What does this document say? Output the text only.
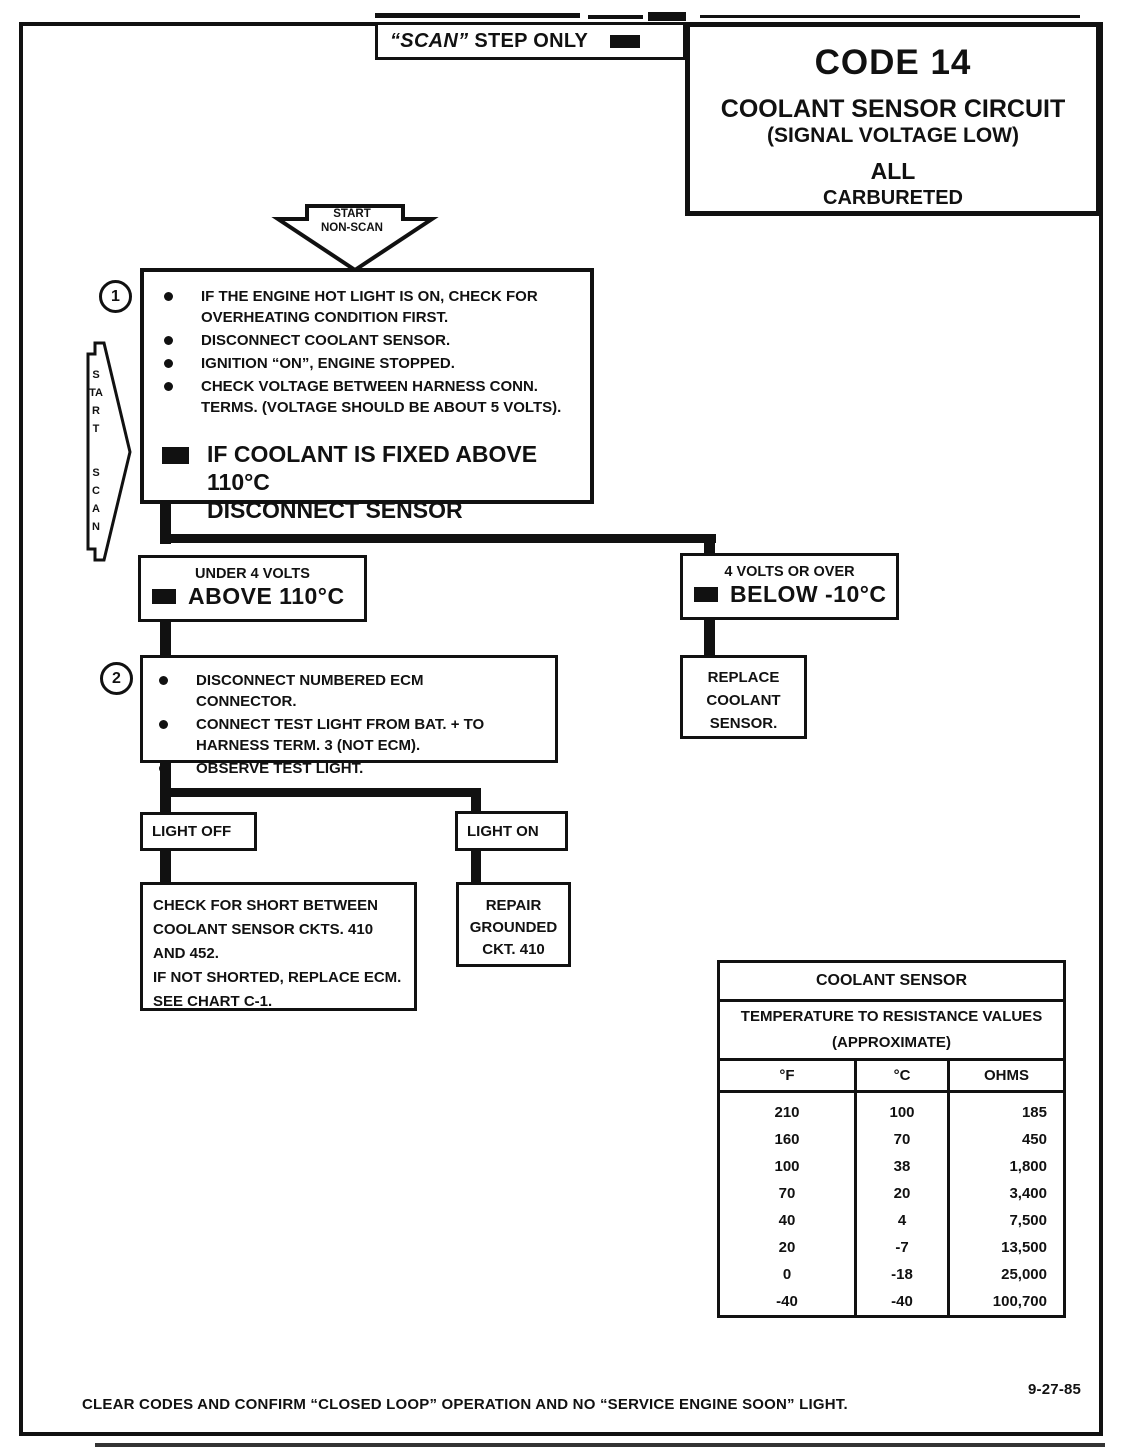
“SCAN” STEP ONLY
CODE 14
COOLANT SENSOR CIRCUIT
(SIGNAL VOLTAGE LOW)
ALL
CARBURETED
START
NON-SCAN
START
SCAN
1	IF THE ENGINE HOT LIGHT IS ON, CHECK FOR OVERHEATING CONDITION FIRST.
DISCONNECT COOLANT SENSOR.
IGNITION “ON”, ENGINE STOPPED.
CHECK VOLTAGE BETWEEN HARNESS CONN. TERMS. (VOLTAGE SHOULD BE ABOUT 5 VOLTS).
IF COOLANT IS FIXED ABOVE 110°C
DISCONNECT SENSOR
UNDER 4 VOLTS
ABOVE 110°C
4 VOLTS OR OVER
BELOW -10°C
2	DISCONNECT NUMBERED ECM CONNECTOR.
CONNECT TEST LIGHT FROM BAT. + TO HARNESS TERM. 3 (NOT ECM).
OBSERVE TEST LIGHT.
REPLACE
COOLANT
SENSOR.
LIGHT OFF	LIGHT ON
CHECK FOR SHORT BETWEEN
COOLANT SENSOR CKTS. 410
AND 452.
IF NOT SHORTED, REPLACE ECM.
SEE CHART C-1.
REPAIR
GROUNDED
CKT. 410
COOLANT SENSOR		

TEMPERATURE TO RESISTANCE VALUES
(APPROXIMATE)		

°F	°C	OHMS
210	100	185
160	70	450
100	38	1,800
70	20	3,400
40	4	7,500
20	-7	13,500
0	-18	25,000
-40	-40	100,700
CLEAR CODES AND CONFIRM “CLOSED LOOP” OPERATION AND NO “SERVICE ENGINE SOON” LIGHT.
9-27-85
